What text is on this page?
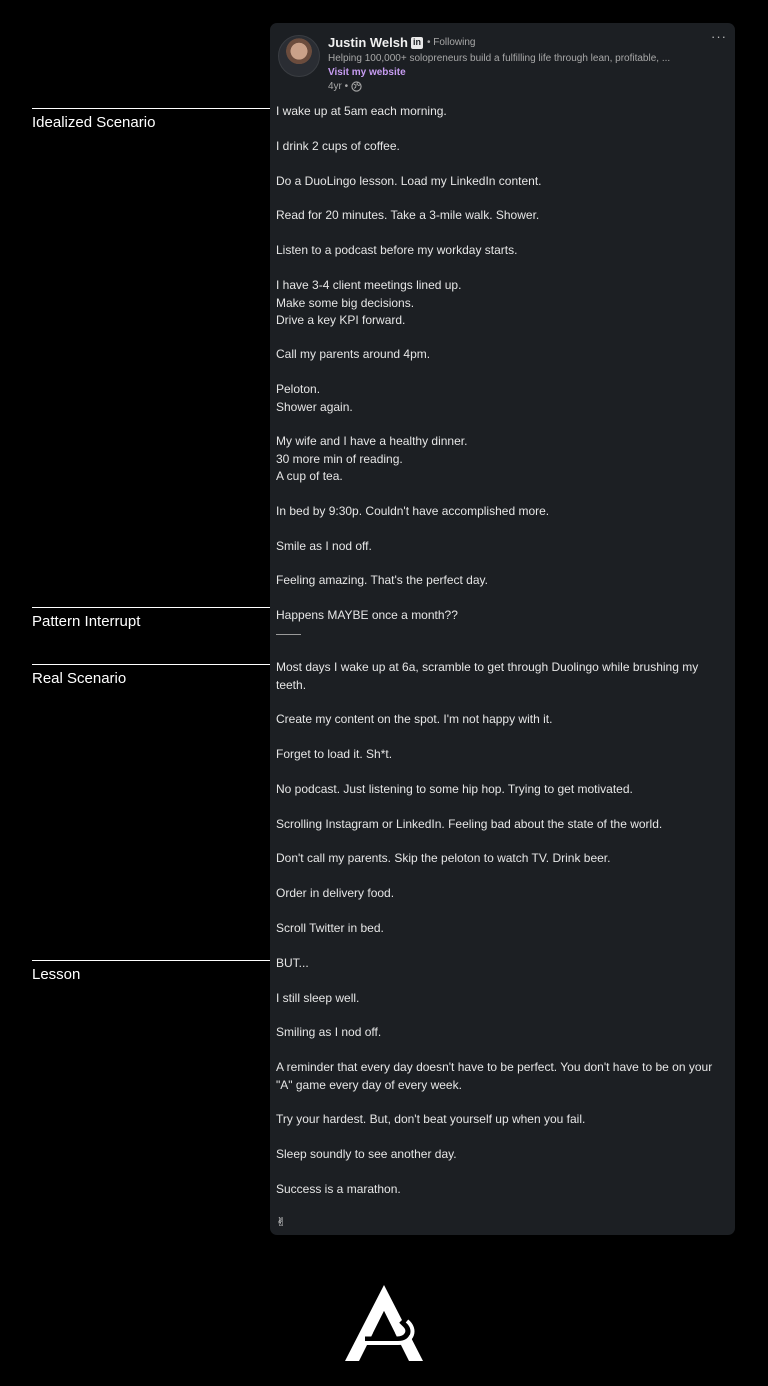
Idealized Scenario
Pattern Interrupt
Real Scenario
Lesson
Justin Welsh in • Following
Helping 100,000+ solopreneurs build a fulfilling life through lean, profitable, ...
Visit my website
4yr •
···
I wake up at 5am each morning.
I drink 2 cups of coffee.
Do a DuoLingo lesson. Load my LinkedIn content.
Read for 20 minutes. Take a 3-mile walk. Shower.
Listen to a podcast before my workday starts.
I have 3-4 client meetings lined up.
Make some big decisions.
Drive a key KPI forward.
Call my parents around 4pm.
Peloton.
Shower again.
My wife and I have a healthy dinner.
30 more min of reading.
A cup of tea.
In bed by 9:30p. Couldn't have accomplished more.
Smile as I nod off.
Feeling amazing. That's the perfect day.
Happens MAYBE once a month??
Most days I wake up at 6a, scramble to get through Duolingo while brushing my teeth.
Create my content on the spot. I'm not happy with it.
Forget to load it. Sh*t.
No podcast. Just listening to some hip hop. Trying to get motivated.
Scrolling Instagram or LinkedIn. Feeling bad about the state of the world.
Don't call my parents. Skip the peloton to watch TV. Drink beer.
Order in delivery food.
Scroll Twitter in bed.
BUT...
I still sleep well.
Smiling as I nod off.
A reminder that every day doesn't have to be perfect. You don't have to be on your "A" game every day of every week.
Try your hardest. But, don't beat yourself up when you fail.
Sleep soundly to see another day.
Success is a marathon.
✌
